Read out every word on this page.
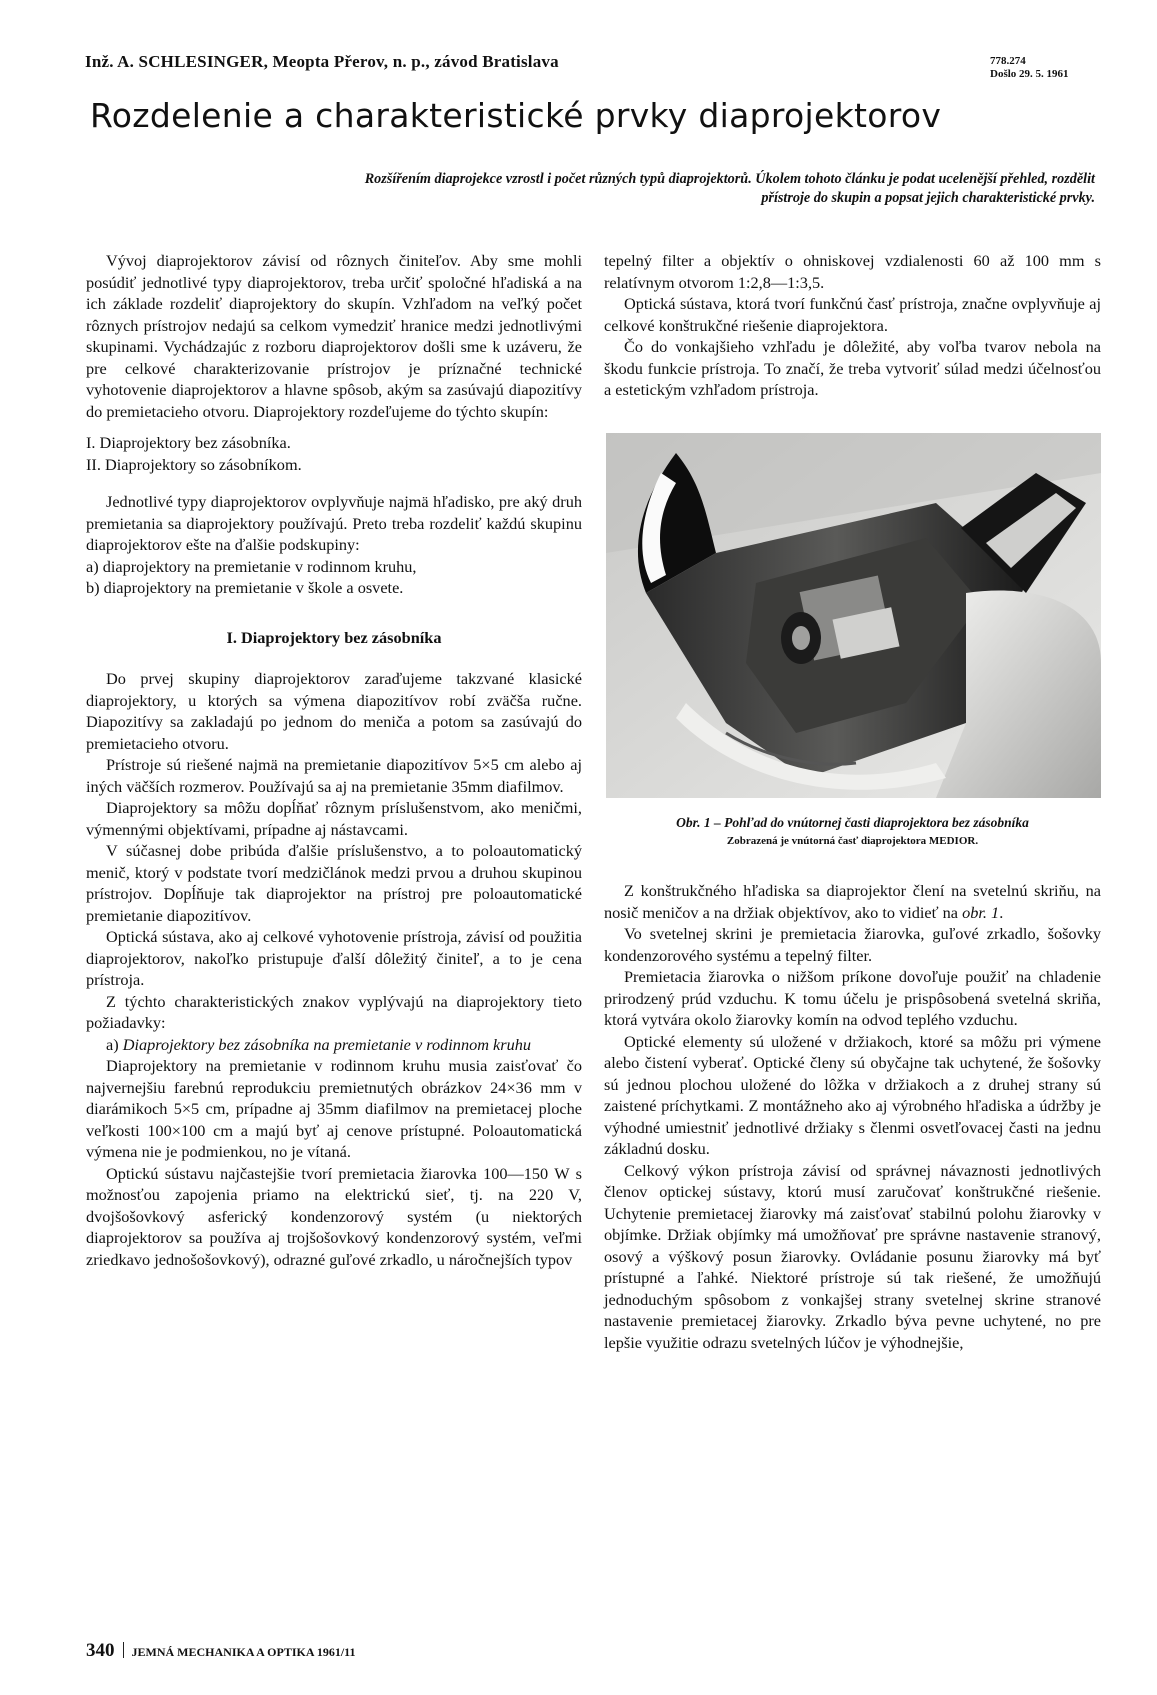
Inž. A. SCHLESINGER, Meopta Přerov, n. p., závod Bratislava	778.274
Došlo 29. 5. 1961
Rozdelenie a charakteristické prvky diaprojektorov
Rozšířením diaprojekce vzrostl i počet různých typů diaprojektorů. Úkolem tohoto článku je podat ucelenější přehled, rozdělit přístroje do skupin a popsat jejich charakteristické prvky.

Vývoj diaprojektorov závisí od rôznych činiteľov. Aby sme mohli posúdiť jednotlivé typy diaprojektorov, treba určiť spoločné hľadiská a na ich základe rozdeliť diaprojektory do skupín. Vzhľadom na veľký počet rôznych prístrojov nedajú sa celkom vymedziť hranice medzi jednotlivými skupinami. Vychádzajúc z rozboru diaprojektorov došli sme k uzáveru, že pre celkové charakterizovanie prístrojov je príznačné technické vyhotovenie diaprojektorov a hlavne spôsob, akým sa zasúvajú diapozitívy do premietacieho otvoru. Diaprojektory rozdeľujeme do týchto skupín:

I. Diaprojektory bez zásobníka.
II. Diaprojektory so zásobníkom.

Jednotlivé typy diaprojektorov ovplyvňuje najmä hľadisko, pre aký druh premietania sa diaprojektory používajú. Preto treba rozdeliť každú skupinu diaprojektorov ešte na ďalšie podskupiny:

a) diaprojektory na premietanie v rodinnom kruhu,
b) diaprojektory na premietanie v škole a osvete.
I. Diaprojektory bez zásobníka

Do prvej skupiny diaprojektorov zaraďujeme takzvané klasické diaprojektory, u ktorých sa výmena diapozitívov robí zväčša ručne. Diapozitívy sa zakladajú po jednom do meniča a potom sa zasúvajú do premietacieho otvoru.

Prístroje sú riešené najmä na premietanie diapozitívov 5×5 cm alebo aj iných väčších rozmerov. Používajú sa aj na premietanie 35mm diafilmov.

Diaprojektory sa môžu dopĺňať rôznym príslušenstvom, ako meničmi, výmennými objektívami, prípadne aj nástavcami.

V súčasnej dobe pribúda ďalšie príslušenstvo, a to poloautomatický menič, ktorý v podstate tvorí medzičlánok medzi prvou a druhou skupinou prístrojov. Dopĺňuje tak diaprojektor na prístroj pre poloautomatické premietanie diapozitívov.

Optická sústava, ako aj celkové vyhotovenie prístroja, závisí od použitia diaprojektorov, nakoľko pristupuje ďalší dôležitý činiteľ, a to je cena prístroja.

Z týchto charakteristických znakov vyplývajú na diaprojektory tieto požiadavky:

a) Diaprojektory bez zásobníka na premietanie v rodinnom kruhu

Diaprojektory na premietanie v rodinnom kruhu musia zaisťovať čo najvernejšiu farebnú reprodukciu premietnutých obrázkov 24×36 mm v diarámikoch 5×5 cm, prípadne aj 35mm diafilmov na premietacej ploche veľkosti 100×100 cm a majú byť aj cenove prístupné. Poloautomatická výmena nie je podmienkou, no je vítaná.

Optickú sústavu najčastejšie tvorí premietacia žiarovka 100—150 W s možnosťou zapojenia priamo na elektrickú sieť, tj. na 220 V, dvojšošovkový asferický kondenzorový systém (u niektorých diaprojektorov sa používa aj trojšošovkový kondenzorový systém, veľmi zriedkavo jednošošovkový), odrazné guľové zrkadlo, u náročnejších typov

tepelný filter a objektív o ohniskovej vzdialenosti 60 až 100 mm s relatívnym otvorom 1:2,8—1:3,5.

Optická sústava, ktorá tvorí funkčnú časť prístroja, značne ovplyvňuje aj celkové konštrukčné riešenie diaprojektora.

Čo do vonkajšieho vzhľadu je dôležité, aby voľba tvarov nebola na škodu funkcie prístroja. To značí, že treba vytvoriť súlad medzi účelnosťou a estetickým vzhľadom prístroja.

Obr. 1 – Pohľad do vnútornej časti diaprojektora bez zásobníka
Zobrazená je vnútorná časť diaprojektora MEDIOR.

Z konštrukčného hľadiska sa diaprojektor člení na svetelnú skriňu, na nosič meničov a na držiak objektívov, ako to vidieť na obr. 1.

Vo svetelnej skrini je premietacia žiarovka, guľové zrkadlo, šošovky kondenzorového systému a tepelný filter.

Premietacia žiarovka o nižšom príkone dovoľuje použiť na chladenie prirodzený prúd vzduchu. K tomu účelu je prispôsobená svetelná skriňa, ktorá vytvára okolo žiarovky komín na odvod teplého vzduchu.

Optické elementy sú uložené v držiakoch, ktoré sa môžu pri výmene alebo čistení vyberať. Optické členy sú obyčajne tak uchytené, že šošovky sú jednou plochou uložené do lôžka v držiakoch a z druhej strany sú zaistené príchytkami. Z montážneho ako aj výrobného hľadiska a údržby je výhodné umiestniť jednotlivé držiaky s členmi osvetľovacej časti na jednu základnú dosku.

Celkový výkon prístroja závisí od správnej návaznosti jednotlivých členov optickej sústavy, ktorú musí zaručovať konštrukčné riešenie. Uchytenie premietacej žiarovky má zaisťovať stabilnú polohu žiarovky v objímke. Držiak objímky má umožňovať pre správne nastavenie stranový, osový a výškový posun žiarovky. Ovládanie posunu žiarovky má byť prístupné a ľahké. Niektoré prístroje sú tak riešené, že umožňujú jednoduchým spôsobom z vonkajšej strany svetelnej skrine stranové nastavenie premietacej žiarovky. Zrkadlo býva pevne uchytené, no pre lepšie využitie odrazu svetelných lúčov je výhodnejšie,

340 JEMNÁ MECHANIKA A OPTIKA 1961/11
